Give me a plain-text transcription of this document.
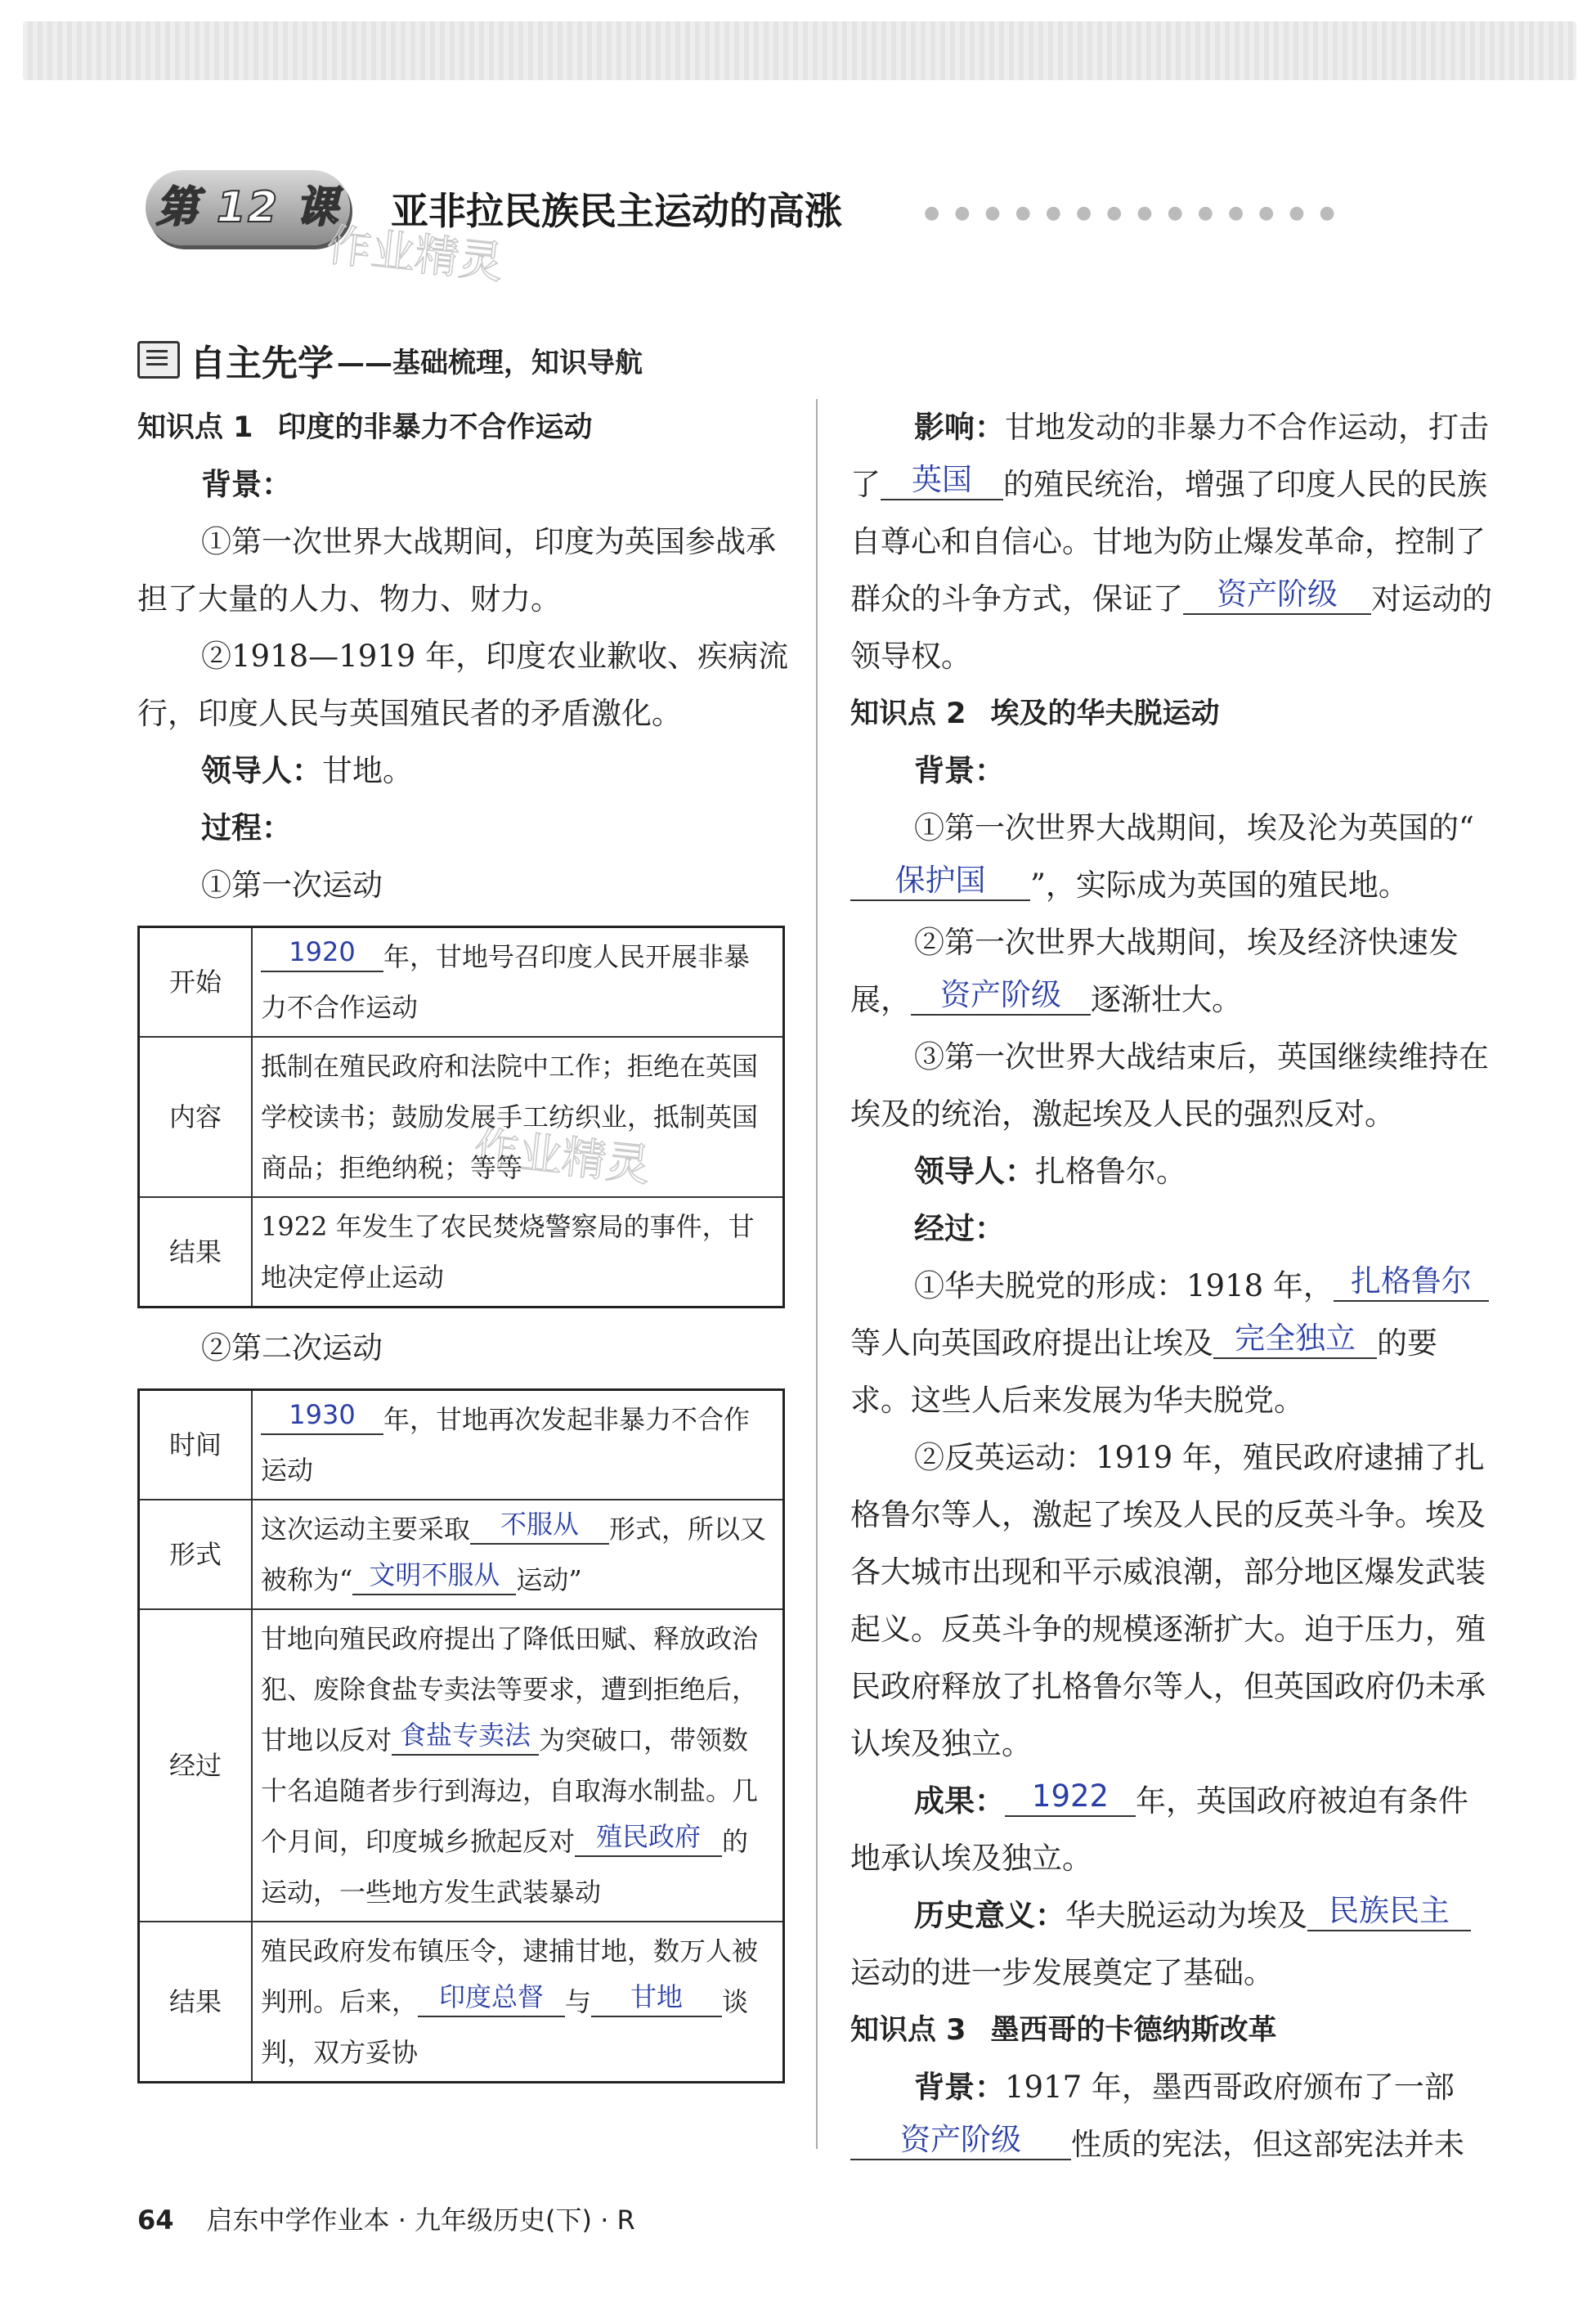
第 12 课 亚非拉民族民主运动的高涨	●●●●●●●●●●●●●●
作业精灵
作业精灵
自主先学 ——基础梳理，知识导航

知识点 1 印度的非暴力不合作运动

背景：

①第一次世界大战期间，印度为英国参战承担了大量的人力、物力、财力。

②1918—1919 年，印度农业歉收、疾病流行，印度人民与英国殖民者的矛盾激化。

领导人：甘地。

过程：

①第一次运动

开始	1920 年，甘地号召印度人民开展非暴力不合作运动
内容	抵制在殖民政府和法院中工作；拒绝在英国学校读书；鼓励发展手工纺织业，抵制英国商品；拒绝纳税；等等
结果	1922 年发生了农民焚烧警察局的事件，甘地决定停止运动

②第二次运动

时间	1930 年，甘地再次发起非暴力不合作运动
形式	这次运动主要采取 不服从 形式，所以又被称为“ 文明不服从 运动”
经过	甘地向殖民政府提出了降低田赋、释放政治犯、废除食盐专卖法等要求，遭到拒绝后，甘地以反对 食盐专卖法 为突破口，带领数十名追随者步行到海边，自取海水制盐。几个月间，印度城乡掀起反对 殖民政府 的运动，一些地方发生武装暴动
结果	殖民政府发布镇压令，逮捕甘地，数万人被判刑。后来， 印度总督 与 甘地 谈判，双方妥协

影响：甘地发动的非暴力不合作运动，打击了 英国 的殖民统治，增强了印度人民的民族自尊心和自信心。甘地为防止爆发革命，控制了群众的斗争方式，保证了 资产阶级 对运动的领导权。

知识点 2 埃及的华夫脱运动

背景：

①第一次世界大战期间，埃及沦为英国的“保护国 ”，实际成为英国的殖民地。

②第一次世界大战期间，埃及经济快速发展， 资产阶级 逐渐壮大。

③第一次世界大战结束后，英国继续维持在埃及的统治，激起埃及人民的强烈反对。

领导人：扎格鲁尔。

经过：

①华夫脱党的形成：1918 年， 扎格鲁尔等人向英国政府提出让埃及 完全独立 的要求。这些人后来发展为华夫脱党。

②反英运动：1919 年，殖民政府逮捕了扎格鲁尔等人，激起了埃及人民的反英斗争。埃及各大城市出现和平示威浪潮，部分地区爆发武装起义。反英斗争的规模逐渐扩大。迫于压力，殖民政府释放了扎格鲁尔等人，但英国政府仍未承认埃及独立。

成果： 1922 年，英国政府被迫有条件地承认埃及独立。

历史意义：华夫脱运动为埃及 民族民主运动的进一步发展奠定了基础。

知识点 3 墨西哥的卡德纳斯改革

背景：1917 年，墨西哥政府颁布了一部资产阶级 性质的宪法，但这部宪法并未

64 启东中学作业本 · 九年级历史(下) · R
